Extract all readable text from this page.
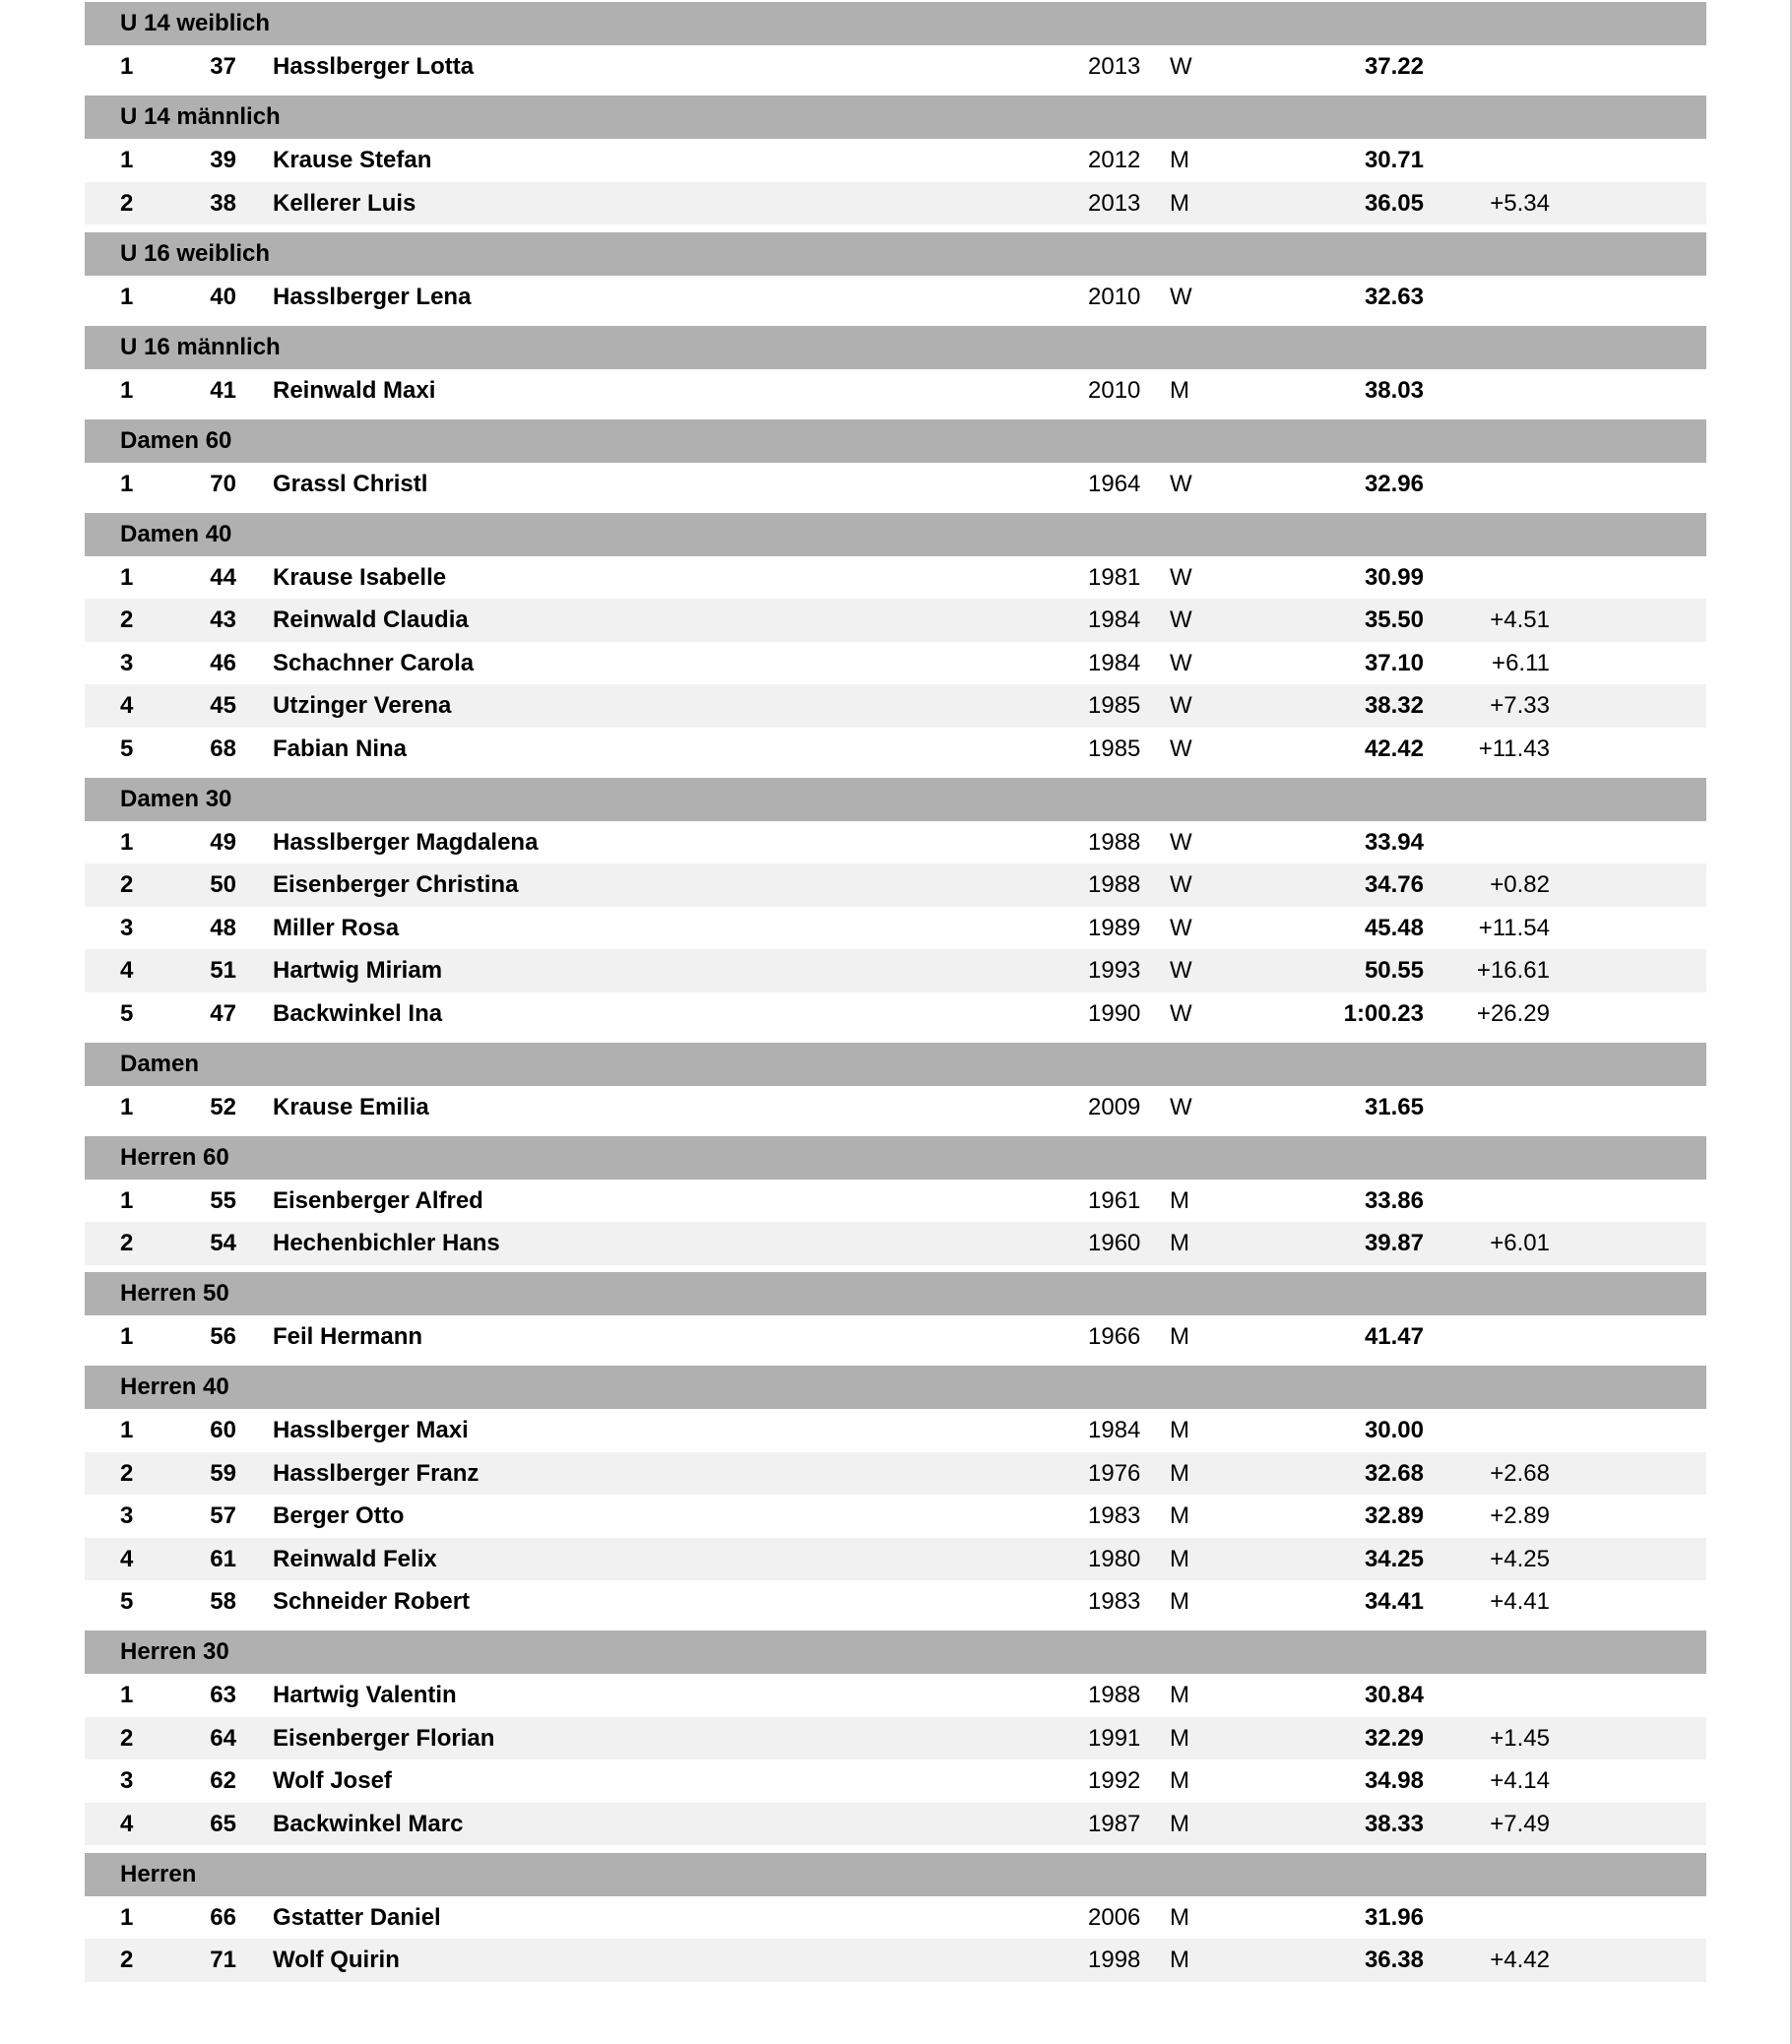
U 14 weiblich
1	37 Hasslberger Lotta	2013 W	37.22
U 14 männlich
1	39 Krause Stefan	2012 M	30.71
2	38 Kellerer Luis	2013 M	36.05	+5.34
U 16 weiblich
1	40 Hasslberger Lena	2010 W	32.63
U 16 männlich
1	41 Reinwald Maxi	2010 M	38.03
Damen 60
1	70 Grassl Christl	1964 W	32.96
Damen 40
1	44 Krause Isabelle	1981 W	30.99
2	43 Reinwald Claudia	1984 W	35.50	+4.51
3	46 Schachner Carola	1984 W	37.10	+6.11
4	45 Utzinger Verena	1985 W	38.32	+7.33
5	68 Fabian Nina	1985 W	42.42	+11.43
Damen 30
1	49 Hasslberger Magdalena	1988 W	33.94
2	50 Eisenberger Christina	1988 W	34.76	+0.82
3	48 Miller Rosa	1989 W	45.48	+11.54
4	51 Hartwig Miriam	1993 W	50.55	+16.61
5	47 Backwinkel Ina	1990 W	1:00.23	+26.29
Damen
1	52 Krause Emilia	2009 W	31.65
Herren 60
1	55 Eisenberger Alfred	1961 M	33.86
2	54 Hechenbichler Hans	1960 M	39.87	+6.01
Herren 50
1	56 Feil Hermann	1966 M	41.47
Herren 40
1	60 Hasslberger Maxi	1984 M	30.00
2	59 Hasslberger Franz	1976 M	32.68	+2.68
3	57 Berger Otto	1983 M	32.89	+2.89
4	61 Reinwald Felix	1980 M	34.25	+4.25
5	58 Schneider Robert	1983 M	34.41	+4.41
Herren 30
1	63 Hartwig Valentin	1988 M	30.84
2	64 Eisenberger Florian	1991 M	32.29	+1.45
3	62 Wolf Josef	1992 M	34.98	+4.14
4	65 Backwinkel Marc	1987 M	38.33	+7.49
Herren
1	66 Gstatter Daniel	2006 M	31.96
2	71 Wolf Quirin	1998 M	36.38	+4.42
